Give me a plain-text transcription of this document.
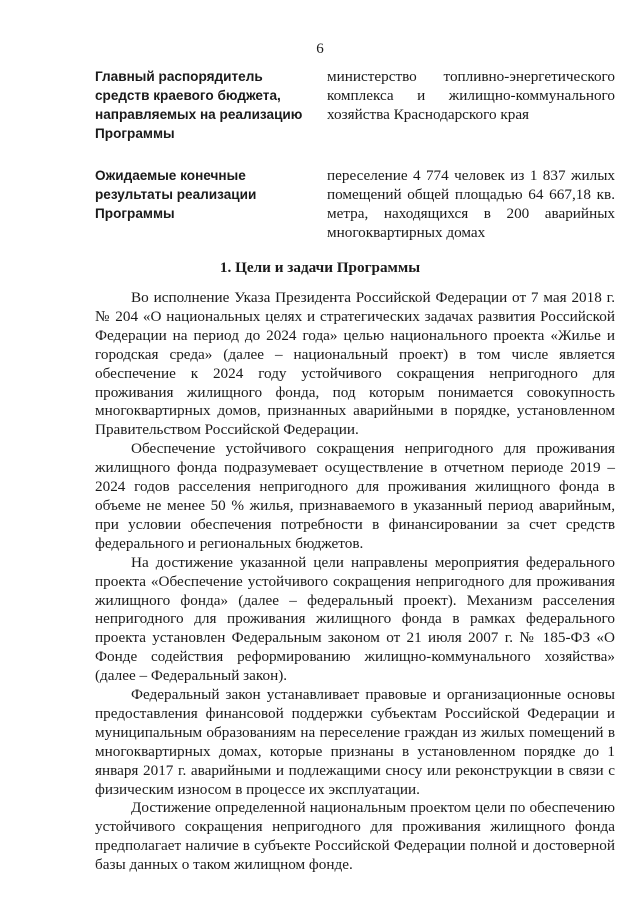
6
Главный распорядитель средств краевого бюджета, направляемых на реализацию Программы
министерство топливно-энергетического комплекса и жилищно-коммунального хозяйства Краснодарского края
Ожидаемые конечные результаты реализации Программы
переселение 4 774 человек из 1 837 жилых помещений общей площадью 64 667,18 кв. метра, находящихся в 200 аварийных многоквартирных домах
1. Цели и задачи Программы

Во исполнение Указа Президента Российской Федерации от 7 мая 2018 г. № 204 «О национальных целях и стратегических задачах развития Российской Федерации на период до 2024 года» целью национального проекта «Жилье и городская среда» (далее – национальный проект) в том числе является обеспечение к 2024 году устойчивого сокращения непригодного для проживания жилищного фонда, под которым понимается совокупность многоквартирных домов, признанных аварийными в порядке, установленном Правительством Российской Федерации.

Обеспечение устойчивого сокращения непригодного для проживания жилищного фонда подразумевает осуществление в отчетном периоде 2019 – 2024 годов расселения непригодного для проживания жилищного фонда в объеме не менее 50 % жилья, признаваемого в указанный период аварийным, при условии обеспечения потребности в финансировании за счет средств федерального и региональных бюджетов.

На достижение указанной цели направлены мероприятия федерального проекта «Обеспечение устойчивого сокращения непригодного для проживания жилищного фонда» (далее – федеральный проект). Механизм расселения непригодного для проживания жилищного фонда в рамках федерального проекта установлен Федеральным законом от 21 июля 2007 г. № 185-ФЗ «О Фонде содействия реформированию жилищно-коммунального хозяйства» (далее – Федеральный закон).

Федеральный закон устанавливает правовые и организационные основы предоставления финансовой поддержки субъектам Российской Федерации и муниципальным образованиям на переселение граждан из жилых помещений в многоквартирных домах, которые признаны в установленном порядке до 1 января 2017 г. аварийными и подлежащими сносу или реконструкции в связи с физическим износом в процессе их эксплуатации.

Достижение определенной национальным проектом цели по обеспечению устойчивого сокращения непригодного для проживания жилищного фонда предполагает наличие в субъекте Российской Федерации полной и достоверной базы данных о таком жилищном фонде.
